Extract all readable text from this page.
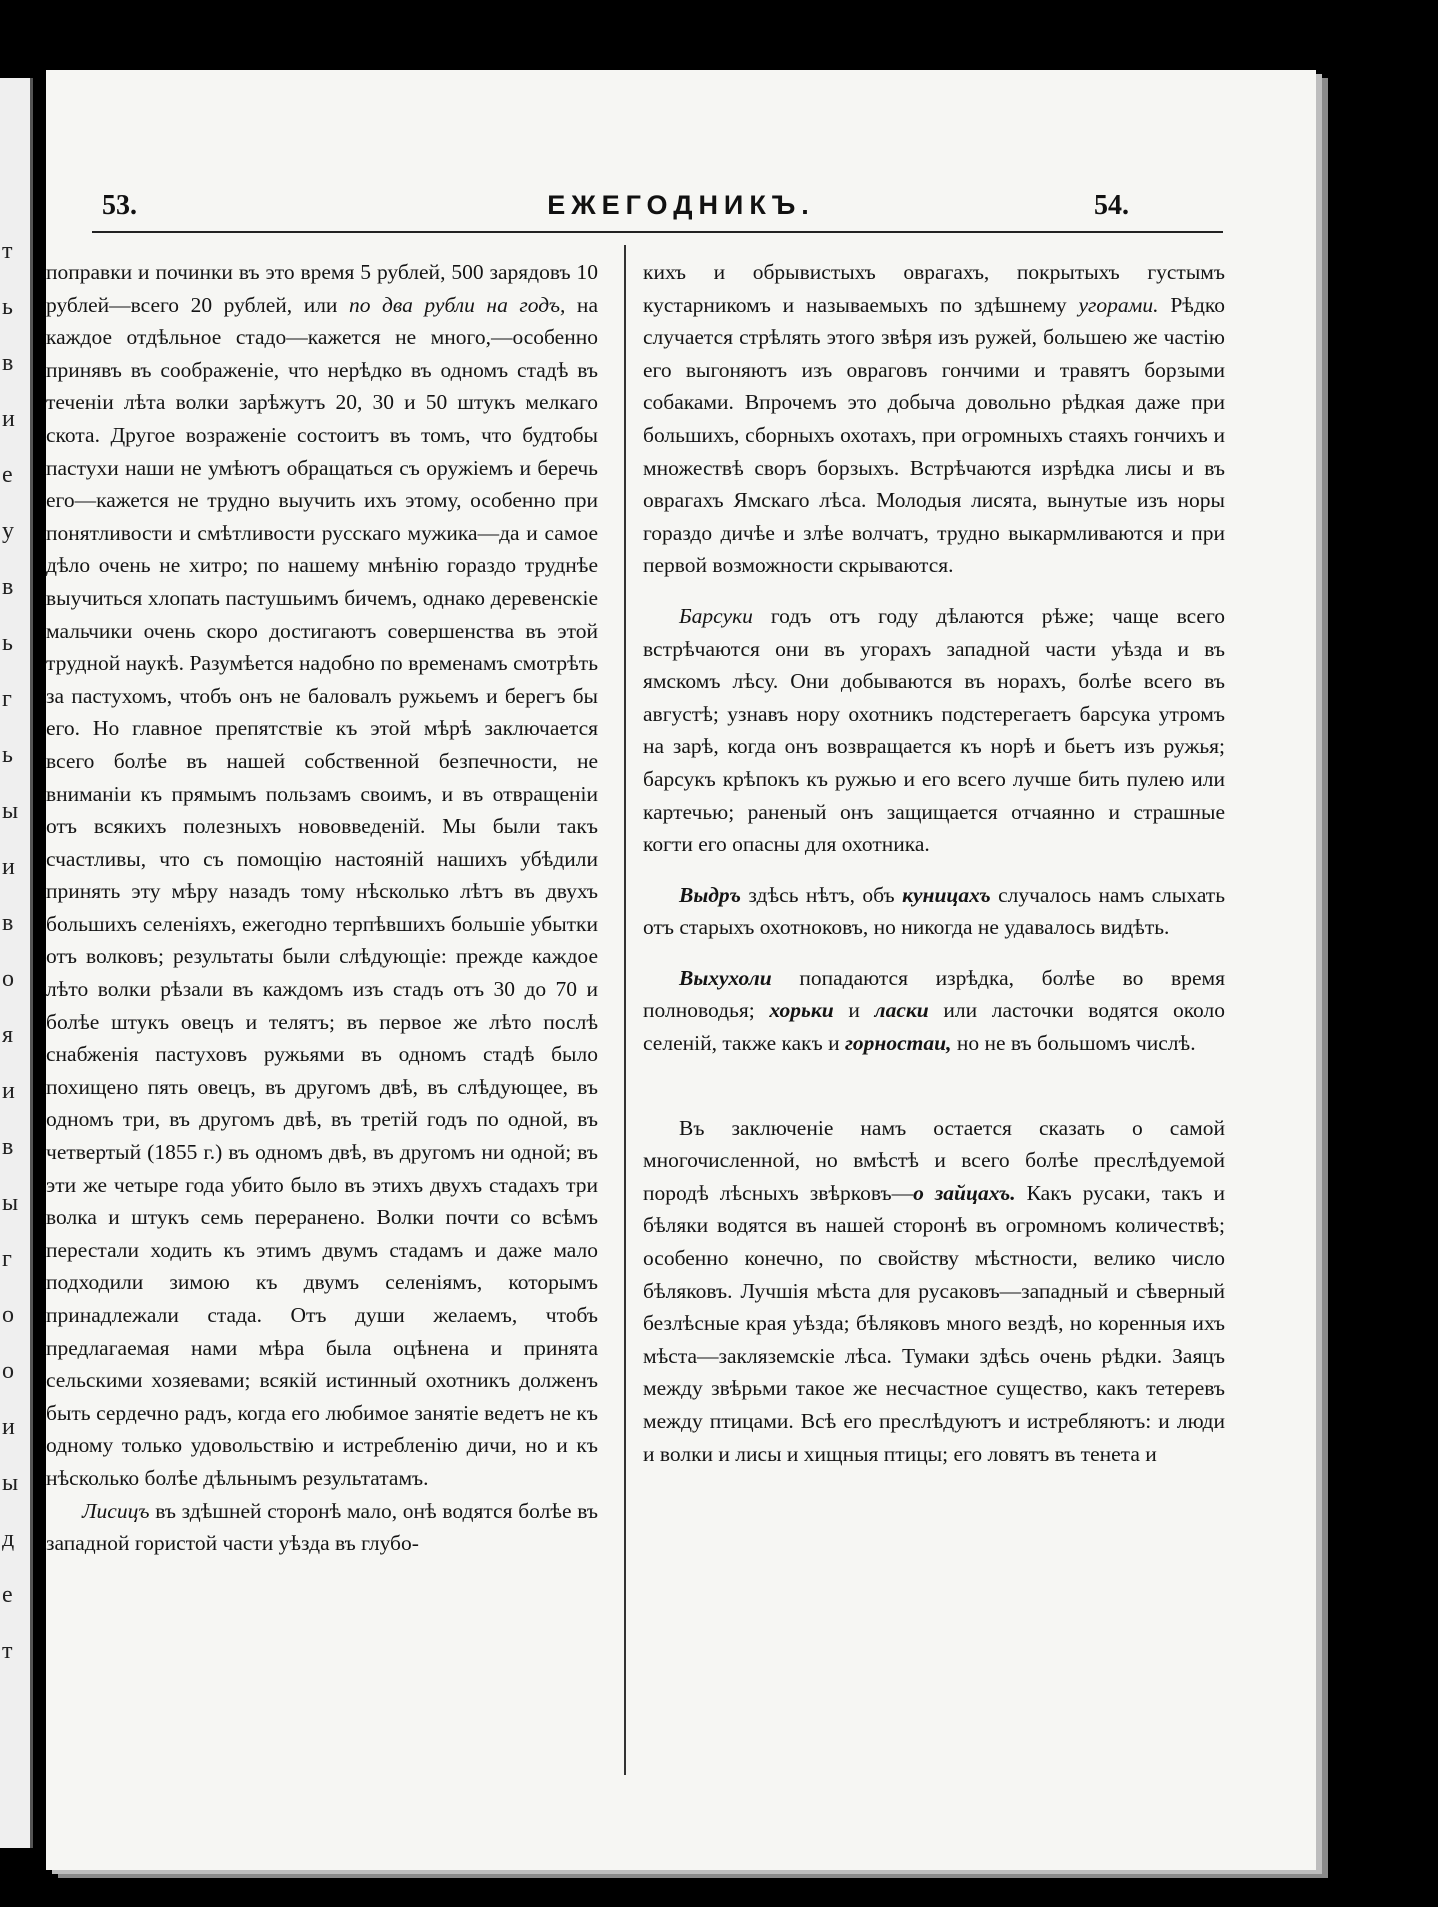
т
ь
в
и
е
у
в
ь
г
ь
ы
и
в
о
я
и
в
ы
г
о
о
и
ы
д
е
т
53.	ЕЖЕГОДНИКЪ.	54.

поправки и починки въ это время 5 рублей, 500 зарядовъ 10 рублей—всего 20 рублей, или по два рубли на годъ, на каждое отдѣльное стадо—кажется не много,—особенно принявъ въ соображеніе, что нерѣдко въ одномъ стадѣ въ теченіи лѣта волки зарѣжутъ 20, 30 и 50 штукъ мелкаго скота. Другое возраженіе состоитъ въ томъ, что будтобы пастухи наши не умѣютъ обращаться съ оружіемъ и беречь его—кажется не трудно выучить ихъ этому, особенно при понятливости и смѣтливости русскаго мужика—да и самое дѣло очень не хитро; по нашему мнѣнію гораздо труднѣе выучиться хлопать пастушьимъ бичемъ, однако деревенскіе мальчики очень скоро достигаютъ совершенства въ этой трудной наукѣ. Разумѣется надобно по временамъ смотрѣть за пастухомъ, чтобъ онъ не баловалъ ружьемъ и берегъ бы его. Но главное препятствіе къ этой мѣрѣ заключается всего болѣе въ нашей собственной безпечности, не вниманіи къ прямымъ пользамъ своимъ, и въ отвращеніи отъ всякихъ полезныхъ нововведеній. Мы были такъ счастливы, что съ помощію настояній нашихъ убѣдили принять эту мѣру назадъ тому нѣсколько лѣтъ въ двухъ большихъ селеніяхъ, ежегодно терпѣвшихъ большіе убытки отъ волковъ; результаты были слѣдующіе: прежде каждое лѣто волки рѣзали въ каждомъ изъ стадъ отъ 30 до 70 и болѣе штукъ овецъ и телятъ; въ первое же лѣто послѣ снабженія пастуховъ ружьями въ одномъ стадѣ было похищено пять овецъ, въ другомъ двѣ, въ слѣдующее, въ одномъ три, въ другомъ двѣ, въ третій годъ по одной, въ четвертый (1855 г.) въ одномъ двѣ, въ другомъ ни одной; въ эти же четыре года убито было въ этихъ двухъ стадахъ три волка и штукъ семь переранено. Волки почти со всѣмъ перестали ходить къ этимъ двумъ стадамъ и даже мало подходили зимою къ двумъ селеніямъ, которымъ принадлежали стада. Отъ души желаемъ, чтобъ предлагаемая нами мѣра была оцѣнена и принята сельскими хозяевами; всякій истинный охотникъ долженъ быть сердечно радъ, когда его любимое занятіе ведетъ не къ одному только удовольствію и истребленію дичи, но и къ нѣсколько болѣе дѣльнымъ результатамъ.

Лисицъ въ здѣшней сторонѣ мало, онѣ водятся болѣе въ западной гористой части уѣзда въ глубо-

кихъ и обрывистыхъ оврагахъ, покрытыхъ густымъ кустарникомъ и называемыхъ по здѣшнему угорами. Рѣдко случается стрѣлять этого звѣря изъ ружей, большею же частію его выгоняютъ изъ овраговъ гончими и травятъ борзыми собаками. Впрочемъ это добыча довольно рѣдкая даже при большихъ, сборныхъ охотахъ, при огромныхъ стаяхъ гончихъ и множествѣ своръ борзыхъ. Встрѣчаются изрѣдка лисы и въ оврагахъ Ямскаго лѣса. Молодыя лисята, вынутые изъ норы гораздо дичѣе и злѣе волчатъ, трудно выкармливаются и при первой возможности скрываются.

Барсуки годъ отъ году дѣлаются рѣже; чаще всего встрѣчаются они въ угорахъ западной части уѣзда и въ ямскомъ лѣсу. Они добываются въ норахъ, болѣе всего въ августѣ; узнавъ нору охотникъ подстерегаетъ барсука утромъ на зарѣ, когда онъ возвращается къ норѣ и бьетъ изъ ружья; барсукъ крѣпокъ къ ружью и его всего лучше бить пулею или картечью; раненый онъ защищается отчаянно и страшные когти его опасны для охотника.

Выдръ здѣсь нѣтъ, объ куницахъ случалось намъ слыхать отъ старыхъ охотноковъ, но никогда не удавалось видѣть.

Выхухоли попадаются изрѣдка, болѣе во время полноводья; хорьки и ласки или ласточки водятся около селеній, также какъ и горностаи, но не въ большомъ числѣ.

Въ заключеніе намъ остается сказать о самой многочисленной, но вмѣстѣ и всего болѣе преслѣдуемой породѣ лѣсныхъ звѣрковъ—о зайцахъ. Какъ русаки, такъ и бѣляки водятся въ нашей сторонѣ въ огромномъ количествѣ; особенно конечно, по свойству мѣстности, велико число бѣляковъ. Лучшія мѣста для русаковъ—западный и сѣверный безлѣсные края уѣзда; бѣляковъ много вездѣ, но коренныя ихъ мѣста—закляземскіе лѣса. Тумаки здѣсь очень рѣдки. Заяцъ между звѣрьми такое же несчастное существо, какъ тетеревъ между птицами. Всѣ его преслѣдуютъ и истребляютъ: и люди и волки и лисы и хищныя птицы; его ловятъ въ тенета и
